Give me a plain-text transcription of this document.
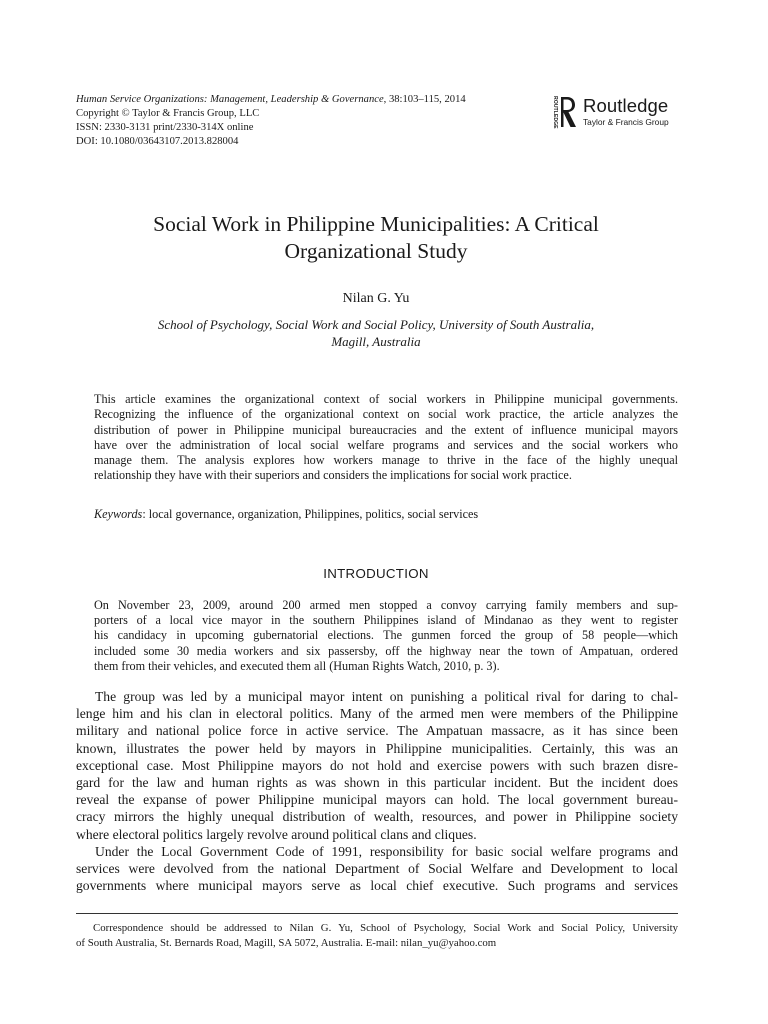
Human Service Organizations: Management, Leadership & Governance, 38:103–115, 2014
Copyright © Taylor & Francis Group, LLC
ISSN: 2330-3131 print/2330-314X online
DOI: 10.1080/03643107.2013.828004
ROUTLEDGE Routledge
Taylor & Francis Group
Social Work in Philippine Municipalities: A Critical
Organizational Study
Nilan G. Yu
School of Psychology, Social Work and Social Policy, University of South Australia,
Magill, Australia
This article examines the organizational context of social workers in Philippine municipal governments.
Recognizing the influence of the organizational context on social work practice, the article analyzes the
distribution of power in Philippine municipal bureaucracies and the extent of influence municipal mayors
have over the administration of local social welfare programs and services and the social workers who
manage them. The analysis explores how workers manage to thrive in the face of the highly unequal
relationship they have with their superiors and considers the implications for social work practice.
Keywords: local governance, organization, Philippines, politics, social services
INTRODUCTION
On November 23, 2009, around 200 armed men stopped a convoy carrying family members and sup-
porters of a local vice mayor in the southern Philippines island of Mindanao as they went to register
his candidacy in upcoming gubernatorial elections. The gunmen forced the group of 58 people—which
included some 30 media workers and six passersby, off the highway near the town of Ampatuan, ordered
them from their vehicles, and executed them all (Human Rights Watch, 2010, p. 3).
The group was led by a municipal mayor intent on punishing a political rival for daring to chal-
lenge him and his clan in electoral politics. Many of the armed men were members of the Philippine
military and national police force in active service. The Ampatuan massacre, as it has since been
known, illustrates the power held by mayors in Philippine municipalities. Certainly, this was an
exceptional case. Most Philippine mayors do not hold and exercise powers with such brazen disre-
gard for the law and human rights as was shown in this particular incident. But the incident does
reveal the expanse of power Philippine municipal mayors can hold. The local government bureau-
cracy mirrors the highly unequal distribution of wealth, resources, and power in Philippine society
where electoral politics largely revolve around political clans and cliques.
Under the Local Government Code of 1991, responsibility for basic social welfare programs and
services were devolved from the national Department of Social Welfare and Development to local
governments where municipal mayors serve as local chief executive. Such programs and services
Correspondence should be addressed to Nilan G. Yu, School of Psychology, Social Work and Social Policy, University
of South Australia, St. Bernards Road, Magill, SA 5072, Australia. E-mail: nilan_yu@yahoo.com
